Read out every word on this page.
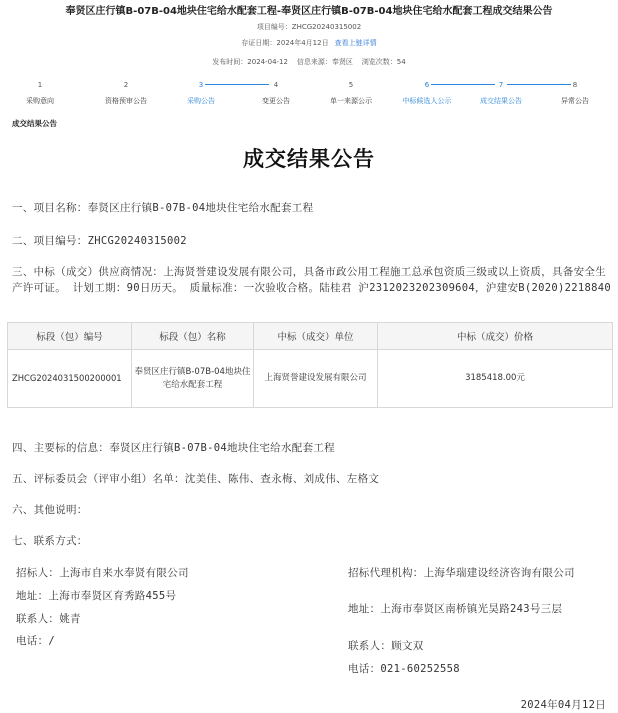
奉贤区庄行镇B-07B-04地块住宅给水配套工程-奉贤区庄行镇B-07B-04地块住宅给水配套工程成交结果公告
项目编号：ZHCG20240315002
存证日期：2024年4月12日 查看上链详情
发布时间：2024-04-12 信息来源：奉贤区 浏览次数：54
1
采购意向
2
资格预审公告
3
采购公告
4
变更公告
5
单一来源公示
6
中标候选人公示
7
成交结果公告
8
异常公告
成交结果公告
成交结果公告
一、项目名称：奉贤区庄行镇B-07B-04地块住宅给水配套工程
二、项目编号：ZHCG20240315002
三、中标（成交）供应商情况：上海贤誉建设发展有限公司，具备市政公用工程施工总承包资质三级或以上资质，具备安全生产许可证。 计划工期：90日历天。 质量标准：一次验收合格。陆桂君 沪2312023202309604，沪建安B(2020)2218840
标段（包）编号	标段（包）名称	中标（成交）单位	中标（成交）价格
ZHCG2024031500200001	奉贤区庄行镇B-07B-04地块住宅给水配套工程	上海贤誉建设发展有限公司	3185418.00元
四、主要标的信息：奉贤区庄行镇B-07B-04地块住宅给水配套工程
五、评标委员会（评审小组）名单：沈美佳、陈伟、查永梅、刘成伟、左格文
六、其他说明：
七、联系方式：
招标人：上海市自来水奉贤有限公司
地址：上海市奉贤区育秀路455号
联系人：姚青
电话：/
招标代理机构：上海华瑞建设经济咨询有限公司
地址：上海市奉贤区南桥镇光昊路243号三层
联系人：顾文双
电话：021-60252558
2024年04月12日
